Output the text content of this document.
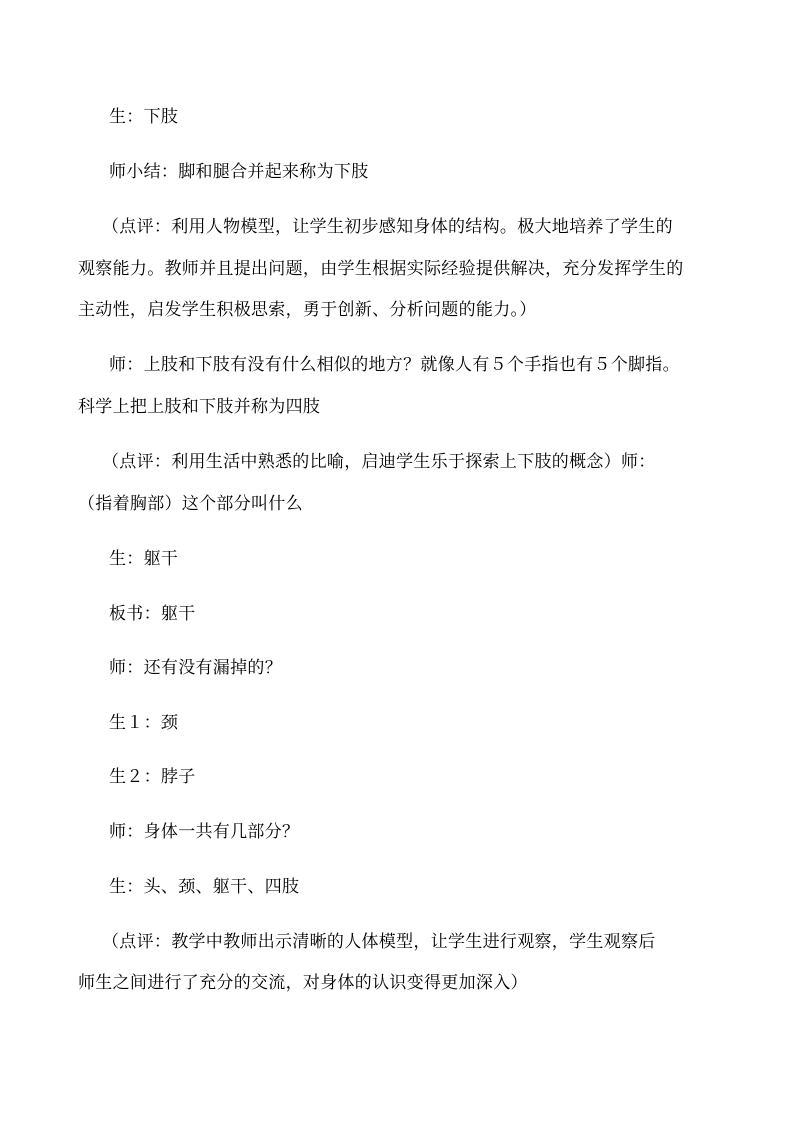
生：下肢
师小结：脚和腿合并起来称为下肢
（点评：利用人物模型，让学生初步感知身体的结构。极大地培养了学生的
观察能力。教师并且提出问题，由学生根据实际经验提供解决，充分发挥学生的
主动性，启发学生积极思索，勇于创新、分析问题的能力。）
师：上肢和下肢有没有什么相似的地方？就像人有５个手指也有５个脚指。
科学上把上肢和下肢并称为四肢
（点评：利用生活中熟悉的比喻，启迪学生乐于探索上下肢的概念）师：
（指着胸部）这个部分叫什么
生：躯干
板书：躯干
师：还有没有漏掉的？
生１：颈
生２：脖子
师：身体一共有几部分？
生：头、颈、躯干、四肢
（点评：教学中教师出示清晰的人体模型，让学生进行观察，学生观察后
师生之间进行了充分的交流，对身体的认识变得更加深入）
